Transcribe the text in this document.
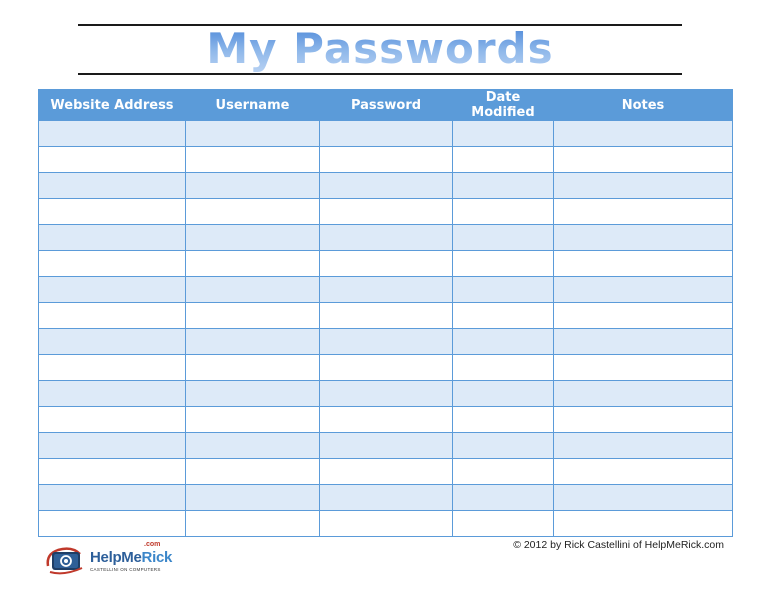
My Passwords
Website Address	Username	Password	Date Modified	Notes

.com
HelpMeRick
CASTELLINI ON COMPUTERS
© 2012 by Rick Castellini of HelpMeRick.com
